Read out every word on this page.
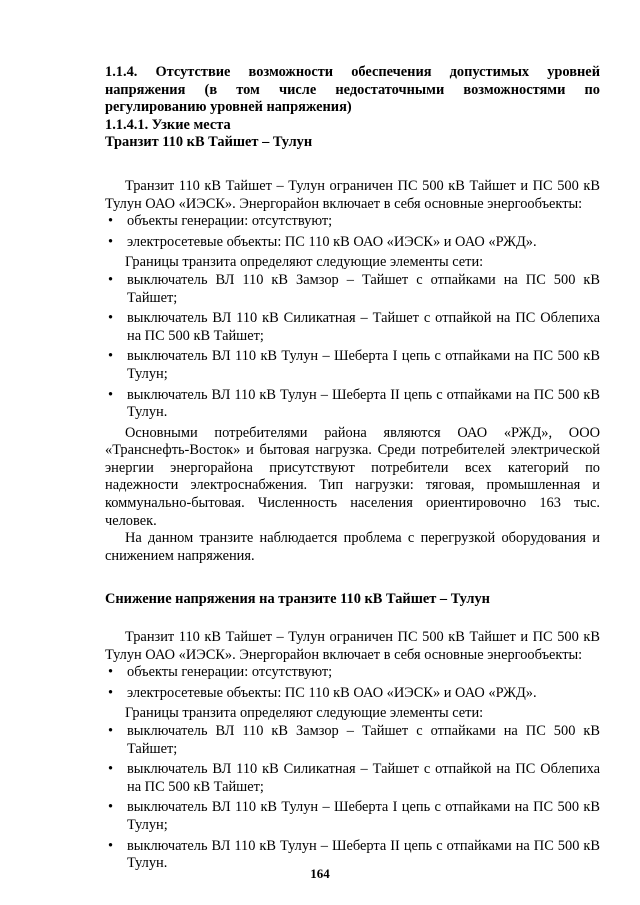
1.1.4. Отсутствие возможности обеспечения допустимых уровней напряжения (в том числе недостаточными возможностями по регулированию уровней напряжения)

1.1.4.1. Узкие места

Транзит 110 кВ Тайшет – Тулун

Транзит 110 кВ Тайшет – Тулун ограничен ПС 500 кВ Тайшет и ПС 500 кВ Тулун ОАО «ИЭСК». Энергорайон включает в себя основные энергообъекты:

• объекты генерации: отсутствуют;
• электросетевые объекты: ПС 110 кВ ОАО «ИЭСК» и ОАО «РЖД».

Границы транзита определяют следующие элементы сети:

• выключатель ВЛ 110 кВ Замзор – Тайшет с отпайками на ПС 500 кВ Тайшет;
• выключатель ВЛ 110 кВ Силикатная – Тайшет с отпайкой на ПС Облепиха на ПС 500 кВ Тайшет;
• выключатель ВЛ 110 кВ Тулун – Шеберта I цепь с отпайками на ПС 500 кВ Тулун;
• выключатель ВЛ 110 кВ Тулун – Шеберта II цепь с отпайками на ПС 500 кВ Тулун.

Основными потребителями района являются ОАО «РЖД», ООО «Транснефть-Восток» и бытовая нагрузка. Среди потребителей электрической энергии энергорайона присутствуют потребители всех категорий по надежности электроснабжения. Тип нагрузки: тяговая, промышленная и коммунально-бытовая. Численность населения ориентировочно 163 тыс. человек.

На данном транзите наблюдается проблема с перегрузкой оборудования и снижением напряжения.

Снижение напряжения на транзите 110 кВ Тайшет – Тулун

Транзит 110 кВ Тайшет – Тулун ограничен ПС 500 кВ Тайшет и ПС 500 кВ Тулун ОАО «ИЭСК». Энергорайон включает в себя основные энергообъекты:

• объекты генерации: отсутствуют;
• электросетевые объекты: ПС 110 кВ ОАО «ИЭСК» и ОАО «РЖД».

Границы транзита определяют следующие элементы сети:

• выключатель ВЛ 110 кВ Замзор – Тайшет с отпайками на ПС 500 кВ Тайшет;
• выключатель ВЛ 110 кВ Силикатная – Тайшет с отпайкой на ПС Облепиха на ПС 500 кВ Тайшет;
• выключатель ВЛ 110 кВ Тулун – Шеберта I цепь с отпайками на ПС 500 кВ Тулун;
• выключатель ВЛ 110 кВ Тулун – Шеберта II цепь с отпайками на ПС 500 кВ Тулун.
164
